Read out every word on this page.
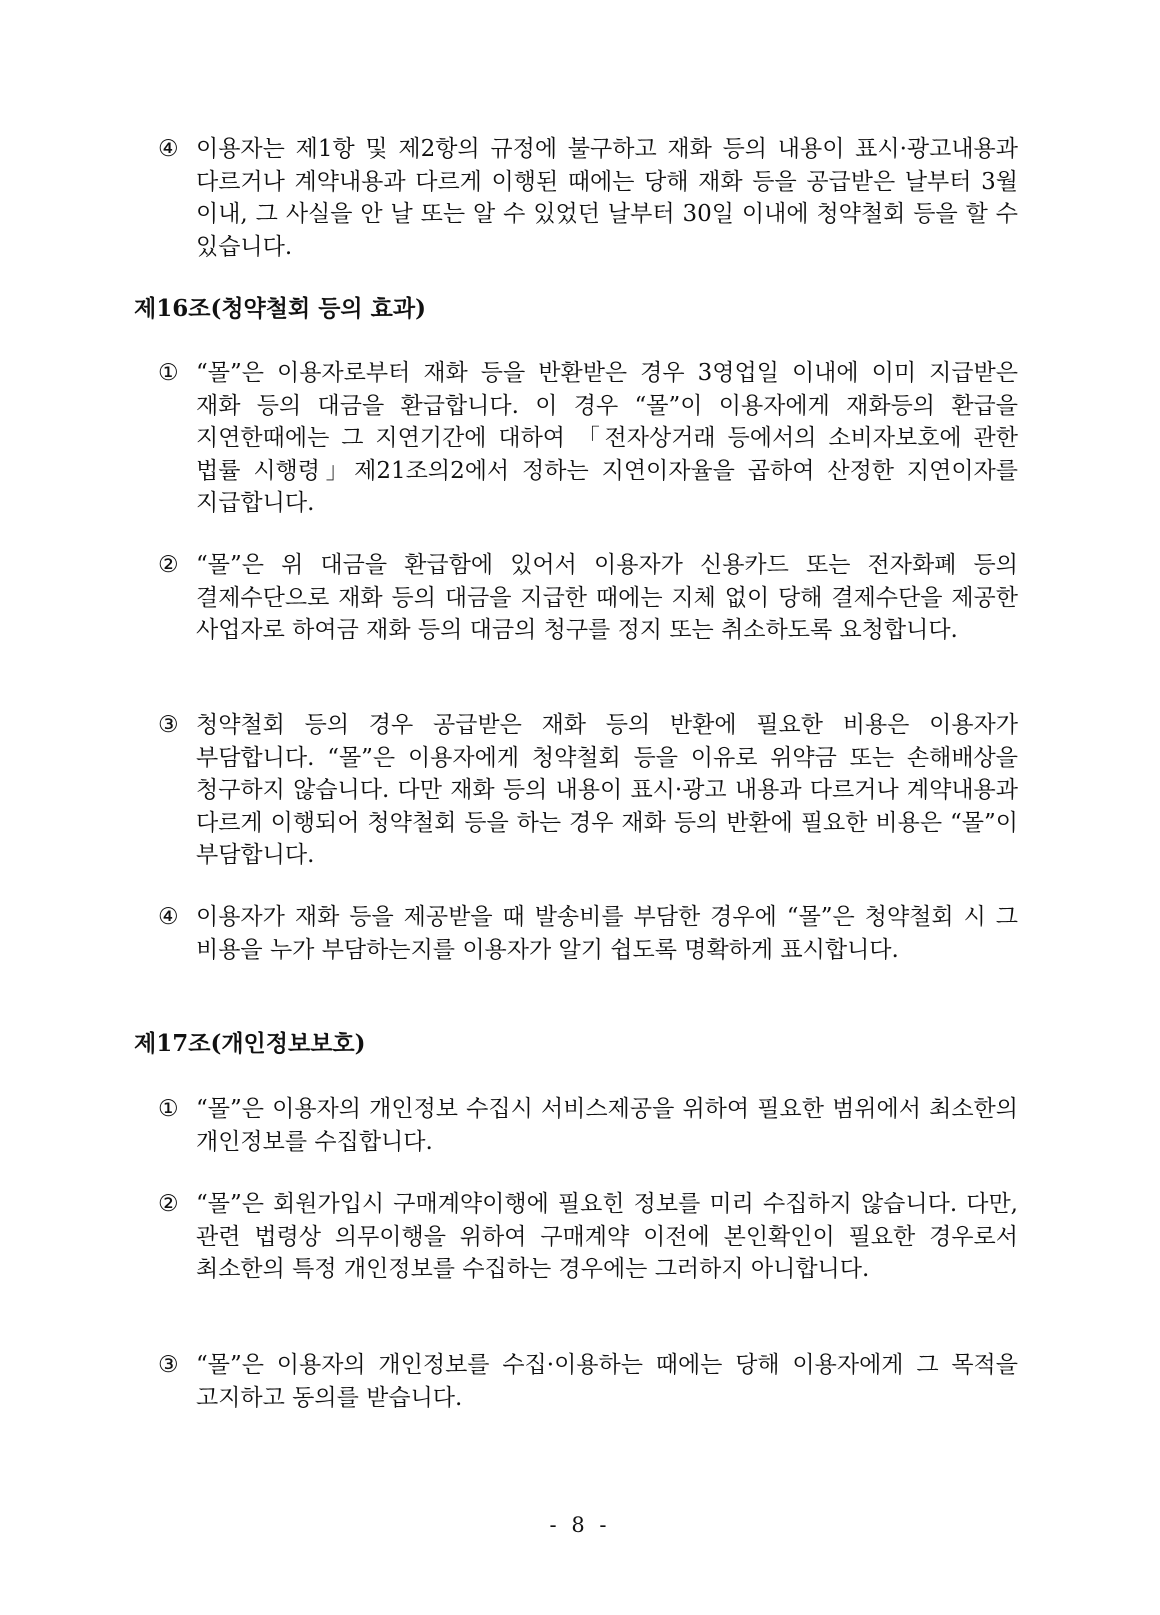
④ 이용자는 제1항 및 제2항의 규정에 불구하고 재화 등의 내용이 표시·광고내용과 다르거나 계약내용과 다르게 이행된 때에는 당해 재화 등을 공급받은 날부터 3월 이내, 그 사실을 안 날 또는 알 수 있었던 날부터 30일 이내에 청약철회 등을 할 수 있습니다.
제16조(청약철회 등의 효과)
① “몰”은 이용자로부터 재화 등을 반환받은 경우 3영업일 이내에 이미 지급받은 재화 등의 대금을 환급합니다. 이 경우 “몰”이 이용자에게 재화등의 환급을 지연한때에는 그 지연기간에 대하여 「전자상거래 등에서의 소비자보호에 관한 법률 시행령」제21조의2에서 정하는 지연이자율을 곱하여 산정한 지연이자를 지급합니다.
② “몰”은 위 대금을 환급함에 있어서 이용자가 신용카드 또는 전자화폐 등의 결제수단으로 재화 등의 대금을 지급한 때에는 지체 없이 당해 결제수단을 제공한 사업자로 하여금 재화 등의 대금의 청구를 정지 또는 취소하도록 요청합니다.
③ 청약철회 등의 경우 공급받은 재화 등의 반환에 필요한 비용은 이용자가 부담합니다. “몰”은 이용자에게 청약철회 등을 이유로 위약금 또는 손해배상을 청구하지 않습니다. 다만 재화 등의 내용이 표시·광고 내용과 다르거나 계약내용과 다르게 이행되어 청약철회 등을 하는 경우 재화 등의 반환에 필요한 비용은 “몰”이 부담합니다.
④ 이용자가 재화 등을 제공받을 때 발송비를 부담한 경우에 “몰”은 청약철회 시 그 비용을 누가 부담하는지를 이용자가 알기 쉽도록 명확하게 표시합니다.
제17조(개인정보보호)
① “몰”은 이용자의 개인정보 수집시 서비스제공을 위하여 필요한 범위에서 최소한의 개인정보를 수집합니다.
② “몰”은 회원가입시 구매계약이행에 필요힌 정보를 미리 수집하지 않습니다. 다만, 관련 법령상 의무이행을 위하여 구매계약 이전에 본인확인이 필요한 경우로서 최소한의 특정 개인정보를 수집하는 경우에는 그러하지 아니합니다.
③ “몰”은 이용자의 개인정보를 수집·이용하는 때에는 당해 이용자에게 그 목적을 고지하고 동의를 받습니다.
- 8 -
